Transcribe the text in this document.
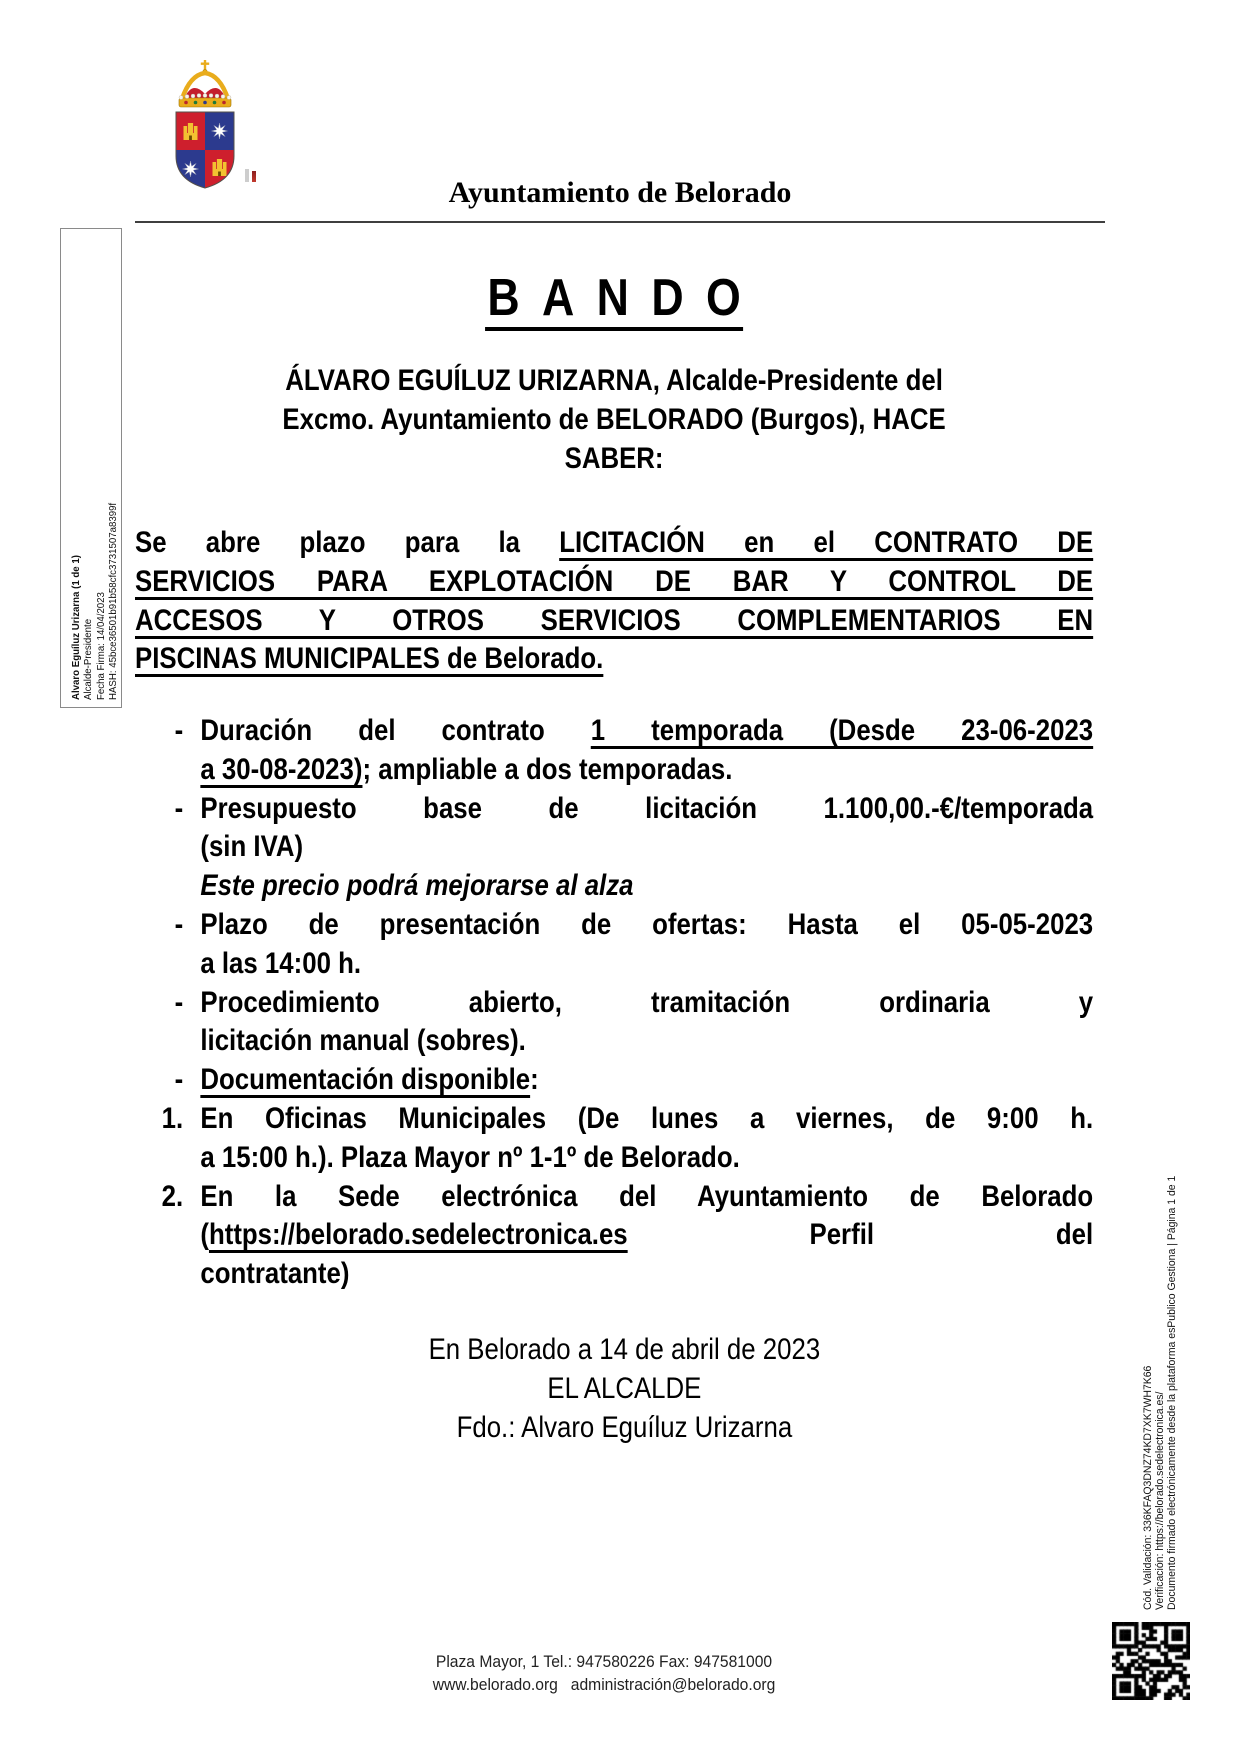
Ayuntamiento de Belorado
Alvaro Eguíluz Urizarna (1 de 1) Alcalde-Presidente Fecha Firma: 14/04/2023 HASH: 45bce36501b91b58cfc3731507a8399f
BANDO
ÁLVARO EGUÍLUZ URIZARNA, Alcalde-Presidente del
Excmo. Ayuntamiento de BELORADO (Burgos), HACE
SABER:
Se abre plazo para la LICITACIÓN en el CONTRATO DE
SERVICIOS PARA EXPLOTACIÓN DE BAR Y CONTROL DE
ACCESOS Y OTROS SERVICIOS COMPLEMENTARIOS EN
PISCINAS MUNICIPALES de Belorado.
- Duración del contrato 1 temporada (Desde 23-06-2023
a 30-08-2023); ampliable a dos temporadas.
- Presupuesto base de licitación 1.100,00.-€/temporada
(sin IVA)
Este precio podrá mejorarse al alza
- Plazo de presentación de ofertas: Hasta el 05-05-2023
a las 14:00 h.
- Procedimiento abierto, tramitación ordinaria y
licitación manual (sobres).
- Documentación disponible:
1. En Oficinas Municipales (De lunes a viernes, de 9:00 h.
a 15:00 h.). Plaza Mayor nº 1-1º de Belorado.
2. En la Sede electrónica del Ayuntamiento de Belorado
(https://belorado.sedelectronica.es Perfil del
contratante)
En Belorado a 14 de abril de 2023
EL ALCALDE
Fdo.: Alvaro Eguíluz Urizarna	Cód. Validación: 336KFAQ3DNZ74KD7XK7WH7K66 Verificación: https://belorado.sedelectronica.es/ Documento firmado electrónicamente desde la plataforma esPublico Gestiona | Página 1 de 1
Plaza Mayor, 1 Tel.: 947580226 Fax: 947581000
www.belorado.org administración@belorado.org
